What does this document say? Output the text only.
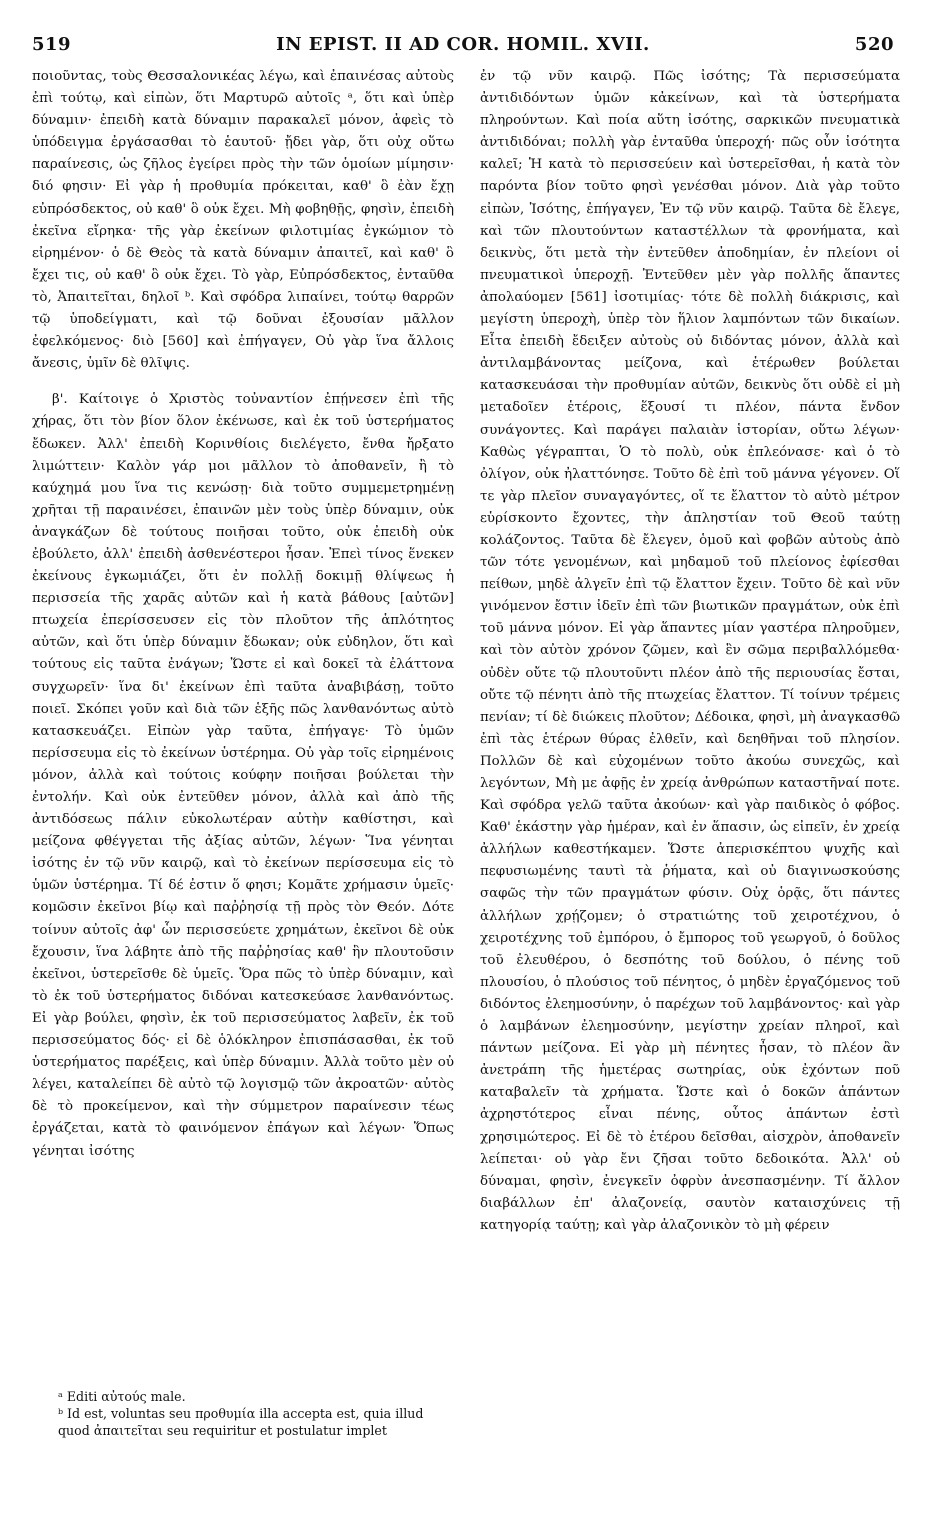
519	IN EPIST. II AD COR. HOMIL. XVII.	520

ποιοῦντας, τοὺς Θεσσαλονικέας λέγω, καὶ ἐπαινέσας αὐτοὺς ἐπὶ τούτῳ, καὶ εἰπὼν, ὅτι Μαρτυρῶ αὐτοῖς ᵃ, ὅτι καὶ ὑπὲρ δύναμιν· ἐπειδὴ κατὰ δύναμιν παρακαλεῖ μόνον, ἀφεὶς τὸ ὑπόδειγμα ἐργάσασθαι τὸ ἑαυτοῦ· ᾔδει γὰρ, ὅτι οὐχ οὕτω παραίνεσις, ὡς ζῆλος ἐγείρει πρὸς τὴν τῶν ὁμοίων μίμησιν· διό φησιν· Εἰ γὰρ ἡ προθυμία πρόκειται, καθ' ὃ ἐὰν ἔχῃ εὐπρόσδεκτος, οὐ καθ' ὃ οὐκ ἔχει. Μὴ φοβηθῇς, φησὶν, ἐπειδὴ ἐκεῖνα εἴρηκα· τῆς γὰρ ἐκείνων φιλοτιμίας ἐγκώμιον τὸ εἰρημένον· ὁ δὲ Θεὸς τὰ κατὰ δύναμιν ἀπαιτεῖ, καὶ καθ' ὃ ἔχει τις, οὐ καθ' ὃ οὐκ ἔχει. Τὸ γὰρ, Εὐπρόσδεκτος, ἐνταῦθα τὸ, Ἀπαιτεῖται, δηλοῖ ᵇ. Καὶ σφόδρα λιπαίνει, τούτῳ θαρρῶν τῷ ὑποδείγματι, καὶ τῷ δοῦναι ἐξουσίαν μᾶλλον ἐφελκόμενος· διὸ [560] καὶ ἐπήγαγεν, Οὐ γὰρ ἵνα ἄλλοις ἄνεσις, ὑμῖν δὲ θλῖψις.

β'. Καίτοιγε ὁ Χριστὸς τοὐναντίον ἐπῄνεσεν ἐπὶ τῆς χήρας, ὅτι τὸν βίον ὅλον ἐκένωσε, καὶ ἐκ τοῦ ὑστερήματος ἔδωκεν. Ἀλλ' ἐπειδὴ Κορινθίοις διελέγετο, ἔνθα ἤρξατο λιμώττειν· Καλὸν γάρ μοι μᾶλλον τὸ ἀποθανεῖν, ἢ τὸ καύχημά μου ἵνα τις κενώσῃ· διὰ τοῦτο συμμεμετρημένῃ χρῆται τῇ παραινέσει, ἐπαινῶν μὲν τοὺς ὑπὲρ δύναμιν, οὐκ ἀναγκάζων δὲ τούτους ποιῆσαι τοῦτο, οὐκ ἐπειδὴ οὐκ ἐβούλετο, ἀλλ' ἐπειδὴ ἀσθενέστεροι ἦσαν. Ἐπεὶ τίνος ἕνεκεν ἐκείνους ἐγκωμιάζει, ὅτι ἐν πολλῇ δοκιμῇ θλίψεως ἡ περισσεία τῆς χαρᾶς αὐτῶν καὶ ἡ κατὰ βάθους [αὐτῶν] πτωχεία ἐπερίσσευσεν εἰς τὸν πλοῦτον τῆς ἁπλότητος αὐτῶν, καὶ ὅτι ὑπὲρ δύναμιν ἔδωκαν; οὐκ εὐδηλον, ὅτι καὶ τούτους εἰς ταῦτα ἐνάγων; Ὥστε εἰ καὶ δοκεῖ τὰ ἐλάττονα συγχωρεῖν· ἵνα δι' ἐκείνων ἐπὶ ταῦτα ἀναβιβάσῃ, τοῦτο ποιεῖ. Σκόπει γοῦν καὶ διὰ τῶν ἑξῆς πῶς λανθανόντως αὐτὸ κατασκευάζει. Εἰπὼν γὰρ ταῦτα, ἐπήγαγε· Τὸ ὑμῶν περίσσευμα εἰς τὸ ἐκείνων ὑστέρημα. Οὐ γὰρ τοῖς εἰρημένοις μόνον, ἀλλὰ καὶ τούτοις κούφην ποιῆσαι βούλεται τὴν ἐντολήν. Καὶ οὐκ ἐντεῦθεν μόνον, ἀλλὰ καὶ ἀπὸ τῆς ἀντιδόσεως πάλιν εὐκολωτέραν αὐτὴν καθίστησι, καὶ μείζονα φθέγγεται τῆς ἀξίας αὐτῶν, λέγων· Ἵνα γένηται ἰσότης ἐν τῷ νῦν καιρῷ, καὶ τὸ ἐκείνων περίσσευμα εἰς τὸ ὑμῶν ὑστέρημα. Τί δέ ἐστιν ὅ φησι; Κομᾶτε χρήμασιν ὑμεῖς· κομῶσιν ἐκεῖνοι βίῳ καὶ παῤῥησίᾳ τῇ πρὸς τὸν Θεόν. Δότε τοίνυν αὐτοῖς ἀφ' ὧν περισσεύετε χρημάτων, ἐκεῖνοι δὲ οὐκ ἔχουσιν, ἵνα λάβητε ἀπὸ τῆς παῤῥησίας καθ' ἣν πλουτοῦσιν ἐκεῖνοι, ὑστερεῖσθε δὲ ὑμεῖς. Ὅρα πῶς τὸ ὑπὲρ δύναμιν, καὶ τὸ ἐκ τοῦ ὑστερήματος διδόναι κατεσκεύασε λανθανόντως. Εἰ γὰρ βούλει, φησὶν, ἐκ τοῦ περισσεύματος λαβεῖν, ἐκ τοῦ περισσεύματος δός· εἰ δὲ ὁλόκληρον ἐπισπάσασθαι, ἐκ τοῦ ὑστερήματος παρέξεις, καὶ ὑπὲρ δύναμιν. Ἀλλὰ τοῦτο μὲν οὐ λέγει, καταλείπει δὲ αὐτὸ τῷ λογισμῷ τῶν ἀκροατῶν· αὐτὸς δὲ τὸ προκείμενον, καὶ τὴν σύμμετρον παραίνεσιν τέως ἐργάζεται, κατὰ τὸ φαινόμενον ἐπάγων καὶ λέγων· Ὅπως γένηται ἰσότης

ἐν τῷ νῦν καιρῷ. Πῶς ἰσότης; Τὰ περισσεύματα ἀντιδιδόντων ὑμῶν κἀκείνων, καὶ τὰ ὑστερήματα πληρούντων. Καὶ ποία αὕτη ἰσότης, σαρκικῶν πνευματικὰ ἀντιδιδόναι; πολλὴ γὰρ ἐνταῦθα ὑπεροχή· πῶς οὖν ἰσότητα καλεῖ; Ἡ κατὰ τὸ περισσεύειν καὶ ὑστερεῖσθαι, ἡ κατὰ τὸν παρόντα βίον τοῦτο φησὶ γενέσθαι μόνον. Διὰ γὰρ τοῦτο εἰπὼν, Ἰσότης, ἐπήγαγεν, Ἐν τῷ νῦν καιρῷ. Ταῦτα δὲ ἔλεγε, καὶ τῶν πλουτούντων καταστέλλων τὰ φρονήματα, καὶ δεικνὺς, ὅτι μετὰ τὴν ἐντεῦθεν ἀποδημίαν, ἐν πλείονι οἱ πνευματικοὶ ὑπεροχῇ. Ἐντεῦθεν μὲν γὰρ πολλῆς ἅπαντες ἀπολαύομεν [561] ἰσοτιμίας· τότε δὲ πολλὴ διάκρισις, καὶ μεγίστη ὑπεροχὴ, ὑπὲρ τὸν ἥλιον λαμπόντων τῶν δικαίων. Εἶτα ἐπειδὴ ἔδειξεν αὐτοὺς οὐ διδόντας μόνον, ἀλλὰ καὶ ἀντιλαμβάνοντας μείζονα, καὶ ἑτέρωθεν βούλεται κατασκευάσαι τὴν προθυμίαν αὐτῶν, δεικνὺς ὅτι οὐδὲ εἰ μὴ μεταδοῖεν ἑτέροις, ἕξουσί τι πλέον, πάντα ἔνδον συνάγοντες. Καὶ παράγει παλαιὰν ἱστορίαν, οὕτω λέγων· Καθὼς γέγραπται, Ὁ τὸ πολὺ, οὐκ ἐπλεόνασε· καὶ ὁ τὸ ὀλίγον, οὐκ ἠλαττόνησε. Τοῦτο δὲ ἐπὶ τοῦ μάννα γέγονεν. Οἵ τε γὰρ πλεῖον συναγαγόντες, οἵ τε ἔλαττον τὸ αὐτὸ μέτρον εὑρίσκοντο ἔχοντες, τὴν ἀπληστίαν τοῦ Θεοῦ ταύτῃ κολάζοντος. Ταῦτα δὲ ἔλεγεν, ὁμοῦ καὶ φοβῶν αὐτοὺς ἀπὸ τῶν τότε γενομένων, καὶ μηδαμοῦ τοῦ πλείονος ἐφίεσθαι πείθων, μηδὲ ἀλγεῖν ἐπὶ τῷ ἔλαττον ἔχειν. Τοῦτο δὲ καὶ νῦν γινόμενον ἔστιν ἰδεῖν ἐπὶ τῶν βιωτικῶν πραγμάτων, οὐκ ἐπὶ τοῦ μάννα μόνον. Εἰ γὰρ ἅπαντες μίαν γαστέρα πληροῦμεν, καὶ τὸν αὐτὸν χρόνον ζῶμεν, καὶ ἓν σῶμα περιβαλλόμεθα· οὐδὲν οὔτε τῷ πλουτοῦντι πλέον ἀπὸ τῆς περιουσίας ἔσται, οὔτε τῷ πένητι ἀπὸ τῆς πτωχείας ἔλαττον. Τί τοίνυν τρέμεις πενίαν; τί δὲ διώκεις πλοῦτον; Δέδοικα, φησὶ, μὴ ἀναγκασθῶ ἐπὶ τὰς ἑτέρων θύρας ἐλθεῖν, καὶ δεηθῆναι τοῦ πλησίον. Πολλῶν δὲ καὶ εὐχομένων τοῦτο ἀκούω συνεχῶς, καὶ λεγόντων, Μὴ με ἀφῇς ἐν χρείᾳ ἀνθρώπων καταστῆναί ποτε. Καὶ σφόδρα γελῶ ταῦτα ἀκούων· καὶ γὰρ παιδικὸς ὁ φόβος. Καθ' ἑκάστην γὰρ ἡμέραν, καὶ ἐν ἅπασιν, ὡς εἰπεῖν, ἐν χρείᾳ ἀλλήλων καθεστήκαμεν. Ὥστε ἀπερισκέπτου ψυχῆς καὶ πεφυσιωμένης ταυτὶ τὰ ῥήματα, καὶ οὐ διαγινωσκούσης σαφῶς τὴν τῶν πραγμάτων φύσιν. Οὐχ ὁρᾷς, ὅτι πάντες ἀλλήλων χρῄζομεν; ὁ στρατιώτης τοῦ χειροτέχνου, ὁ χειροτέχνης τοῦ ἐμπόρου, ὁ ἔμπορος τοῦ γεωργοῦ, ὁ δοῦλος τοῦ ἐλευθέρου, ὁ δεσπότης τοῦ δούλου, ὁ πένης τοῦ πλουσίου, ὁ πλούσιος τοῦ πένητος, ὁ μηδὲν ἐργαζόμενος τοῦ διδόντος ἐλεημοσύνην, ὁ παρέχων τοῦ λαμβάνοντος· καὶ γὰρ ὁ λαμβάνων ἐλεημοσύνην, μεγίστην χρείαν πληροῖ, καὶ πάντων μείζονα. Εἰ γὰρ μὴ πένητες ἦσαν, τὸ πλέον ἂν ἀνετράπη τῆς ἡμετέρας σωτηρίας, οὐκ ἐχόντων ποῦ καταβαλεῖν τὰ χρήματα. Ὥστε καὶ ὁ δοκῶν ἁπάντων ἀχρηστότερος εἶναι πένης, οὗτος ἁπάντων ἐστὶ χρησιμώτερος. Εἰ δὲ τὸ ἑτέρου δεῖσθαι, αἰσχρὸν, ἀποθανεῖν λείπεται· οὐ γὰρ ἔνι ζῆσαι τοῦτο δεδοικότα. Ἀλλ' οὐ δύναμαι, φησὶν, ἐνεγκεῖν ὀφρὺν ἀνεσπασμένην. Τί ἄλλον διαβάλλων ἐπ' ἀλαζονείᾳ, σαυτὸν καταισχύνεις τῇ κατηγορίᾳ ταύτῃ; καὶ γὰρ ἀλαζονικὸν τὸ μὴ φέρειν

ᵃ Editi αὐτούς male.

ᵇ Id est, voluntas seu προθυμία illa accepta est, quia illud quod ἀπαιτεῖται seu requiritur et postulatur implet
